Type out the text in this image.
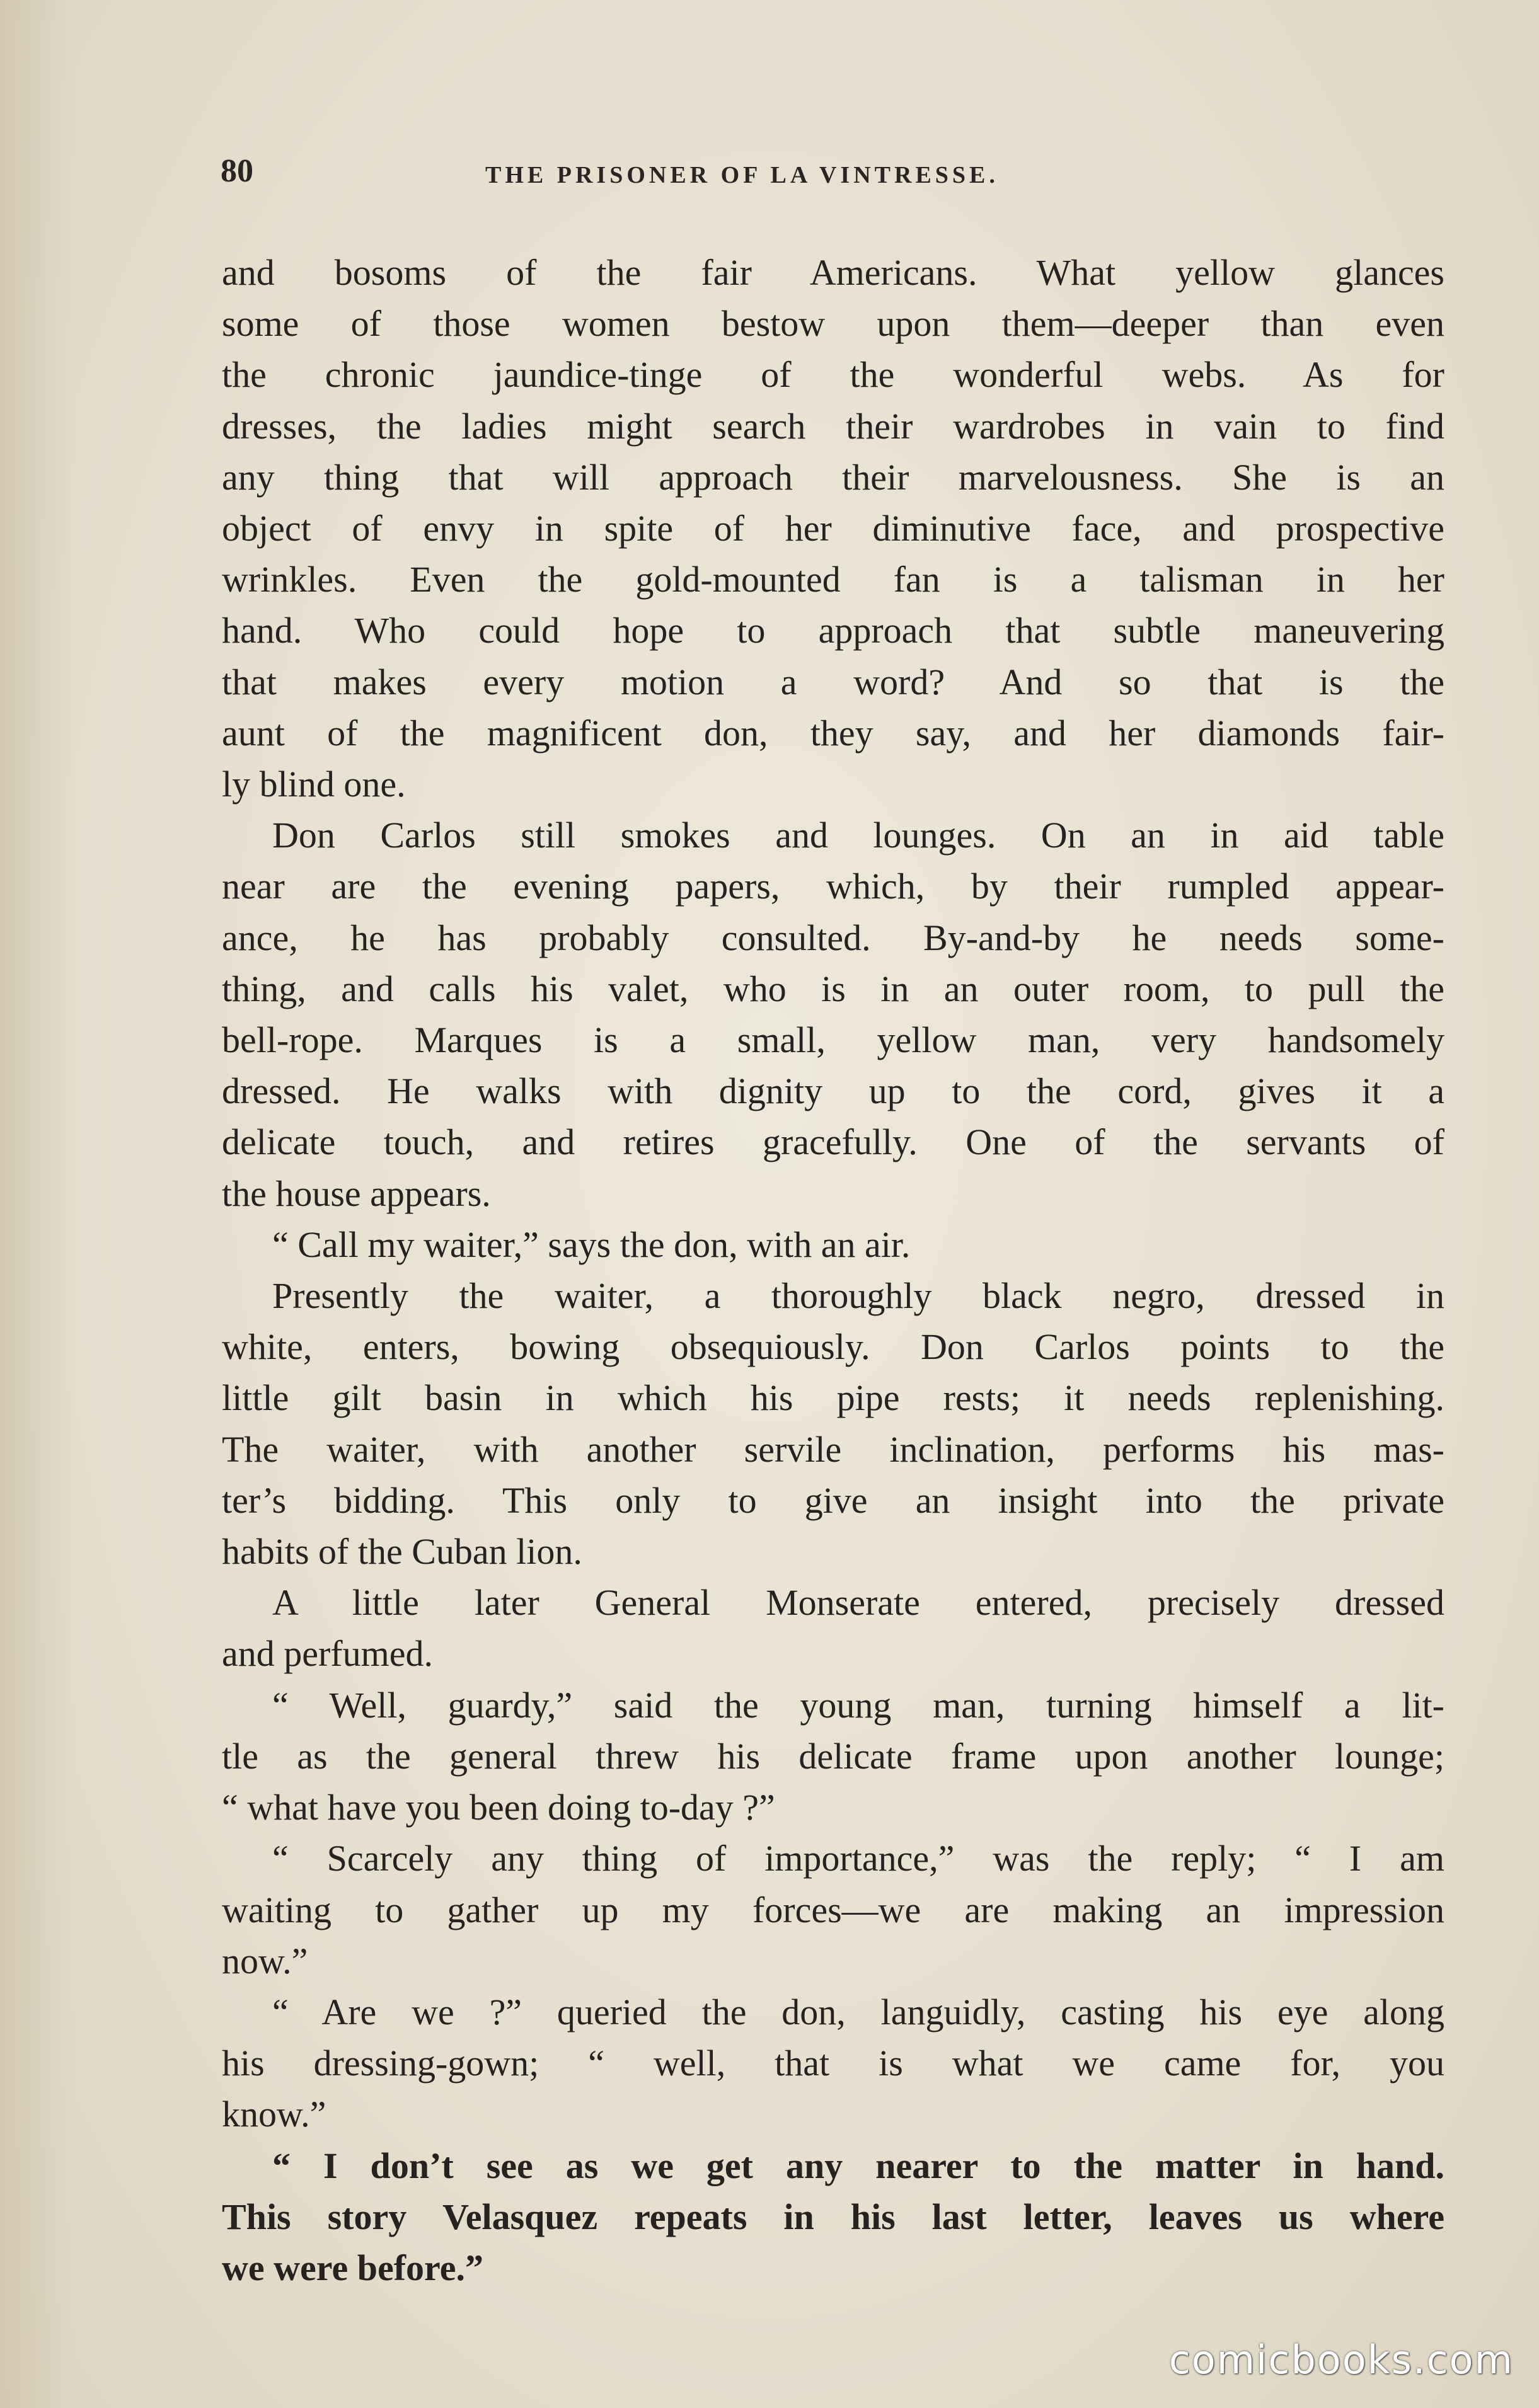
80	THE PRISONER OF LA VINTRESSE.
and bosoms of the fair Americans. What yellow glances
some of those women bestow upon them—deeper than even
the chronic jaundice-tinge of the wonderful webs. As for
dresses, the ladies might search their wardrobes in vain to find
any thing that will approach their marvelousness. She is an
object of envy in spite of her diminutive face, and prospective
wrinkles. Even the gold-mounted fan is a talisman in her
hand. Who could hope to approach that subtle maneuvering
that makes every motion a word? And so that is the
aunt of the magnificent don, they say, and her diamonds fair-
ly blind one.
Don Carlos still smokes and lounges. On an in aid table
near are the evening papers, which, by their rumpled appear-
ance, he has probably consulted. By-and-by he needs some-
thing, and calls his valet, who is in an outer room, to pull the
bell-rope. Marques is a small, yellow man, very handsomely
dressed. He walks with dignity up to the cord, gives it a
delicate touch, and retires gracefully. One of the servants of
the house appears.
“ Call my waiter,” says the don, with an air.
Presently the waiter, a thoroughly black negro, dressed in
white, enters, bowing obsequiously. Don Carlos points to the
little gilt basin in which his pipe rests; it needs replenishing.
The waiter, with another servile inclination, performs his mas-
ter’s bidding. This only to give an insight into the private
habits of the Cuban lion.
A little later General Monserate entered, precisely dressed
and perfumed.
“ Well, guardy,” said the young man, turning himself a lit-
tle as the general threw his delicate frame upon another lounge;
“ what have you been doing to-day ?”
“ Scarcely any thing of importance,” was the reply; “ I am
waiting to gather up my forces—we are making an impression
now.”
“ Are we ?” queried the don, languidly, casting his eye along
his dressing-gown; “ well, that is what we came for, you
know.”
“ I don’t see as we get any nearer to the matter in hand.
This story Velasquez repeats in his last letter, leaves us where
we were before.”
comicbooks.com
